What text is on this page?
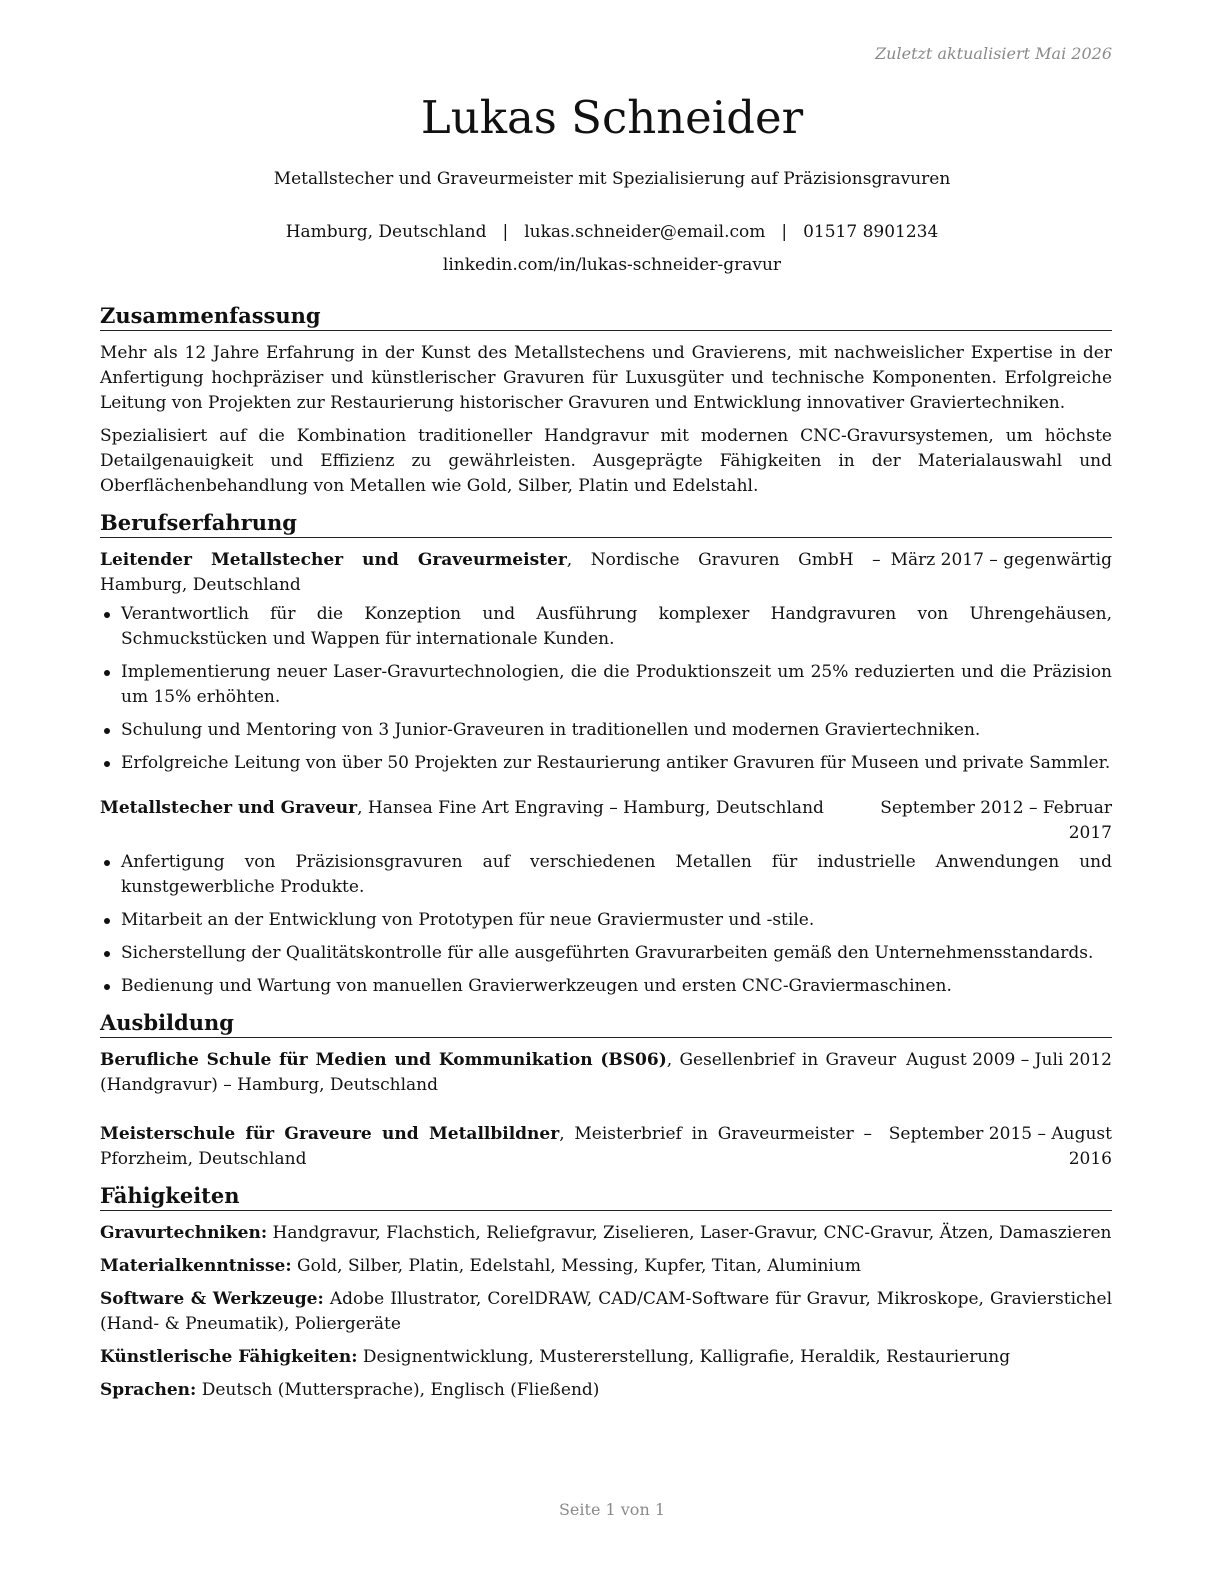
Zuletzt aktualisiert Mai 2026
Lukas Schneider
Metallstecher und Graveurmeister mit Spezialisierung auf Präzisionsgravuren
Hamburg, Deutschland | lukas.schneider@email.com | 01517 8901234
linkedin.com/in/lukas-schneider-gravur
Zusammenfassung

Mehr als 12 Jahre Erfahrung in der Kunst des Metallstechens und Gravierens, mit nachweislicher Expertise in der Anfertigung hochpräziser und künstlerischer Gravuren für Luxusgüter und technische Komponenten. Erfolgreiche Leitung von Projekten zur Restaurierung historischer Gravuren und Entwicklung innovativer Graviertechniken.

Spezialisiert auf die Kombination traditioneller Handgravur mit modernen CNC-Gravursystemen, um höchste Detailgenauigkeit und Effizienz zu gewährleisten. Ausgeprägte Fähigkeiten in der Materialauswahl und Oberflächenbehandlung von Metallen wie Gold, Silber, Platin und Edelstahl.

Berufserfahrung
Leitender Metallstecher und Graveurmeister, Nordische Gravuren GmbH – Hamburg, Deutschland
März 2017 – gegenwärtig
Verantwortlich für die Konzeption und Ausführung komplexer Handgravuren von Uhrengehäusen, Schmuckstücken und Wappen für internationale Kunden.
Implementierung neuer Laser-Gravurtechnologien, die die Produktionszeit um 25% reduzierten und die Präzision um 15% erhöhten.
Schulung und Mentoring von 3 Junior-Graveuren in traditionellen und modernen Graviertechniken.
Erfolgreiche Leitung von über 50 Projekten zur Restaurierung antiker Gravuren für Museen und private Sammler.
Metallstecher und Graveur, Hansea Fine Art Engraving – Hamburg, Deutschland	September 2012 – Februar 2017
Anfertigung von Präzisionsgravuren auf verschiedenen Metallen für industrielle Anwendungen und kunstgewerbliche Produkte.
Mitarbeit an der Entwicklung von Prototypen für neue Graviermuster und -stile.
Sicherstellung der Qualitätskontrolle für alle ausgeführten Gravurarbeiten gemäß den Unternehmensstandards.
Bedienung und Wartung von manuellen Gravierwerkzeugen und ersten CNC-Graviermaschinen.
Ausbildung
Berufliche Schule für Medien und Kommunikation (BS06), Gesellenbrief in Graveur (Handgravur) – Hamburg, Deutschland
August 2009 – Juli 2012
Meisterschule für Graveure und Metallbildner, Meisterbrief in Graveurmeister – Pforzheim, Deutschland
September 2015 – August 2016
Fähigkeiten
Gravurtechniken: Handgravur, Flachstich, Reliefgravur, Ziselieren, Laser-Gravur, CNC-Gravur, Ätzen, Damaszieren
Materialkenntnisse: Gold, Silber, Platin, Edelstahl, Messing, Kupfer, Titan, Aluminium
Software & Werkzeuge: Adobe Illustrator, CorelDRAW, CAD/CAM-Software für Gravur, Mikroskope, Gravierstichel (Hand- & Pneumatik), Poliergeräte
Künstlerische Fähigkeiten: Designentwicklung, Mustererstellung, Kalligrafie, Heraldik, Restaurierung
Sprachen: Deutsch (Muttersprache), Englisch (Fließend)
Seite 1 von 1
